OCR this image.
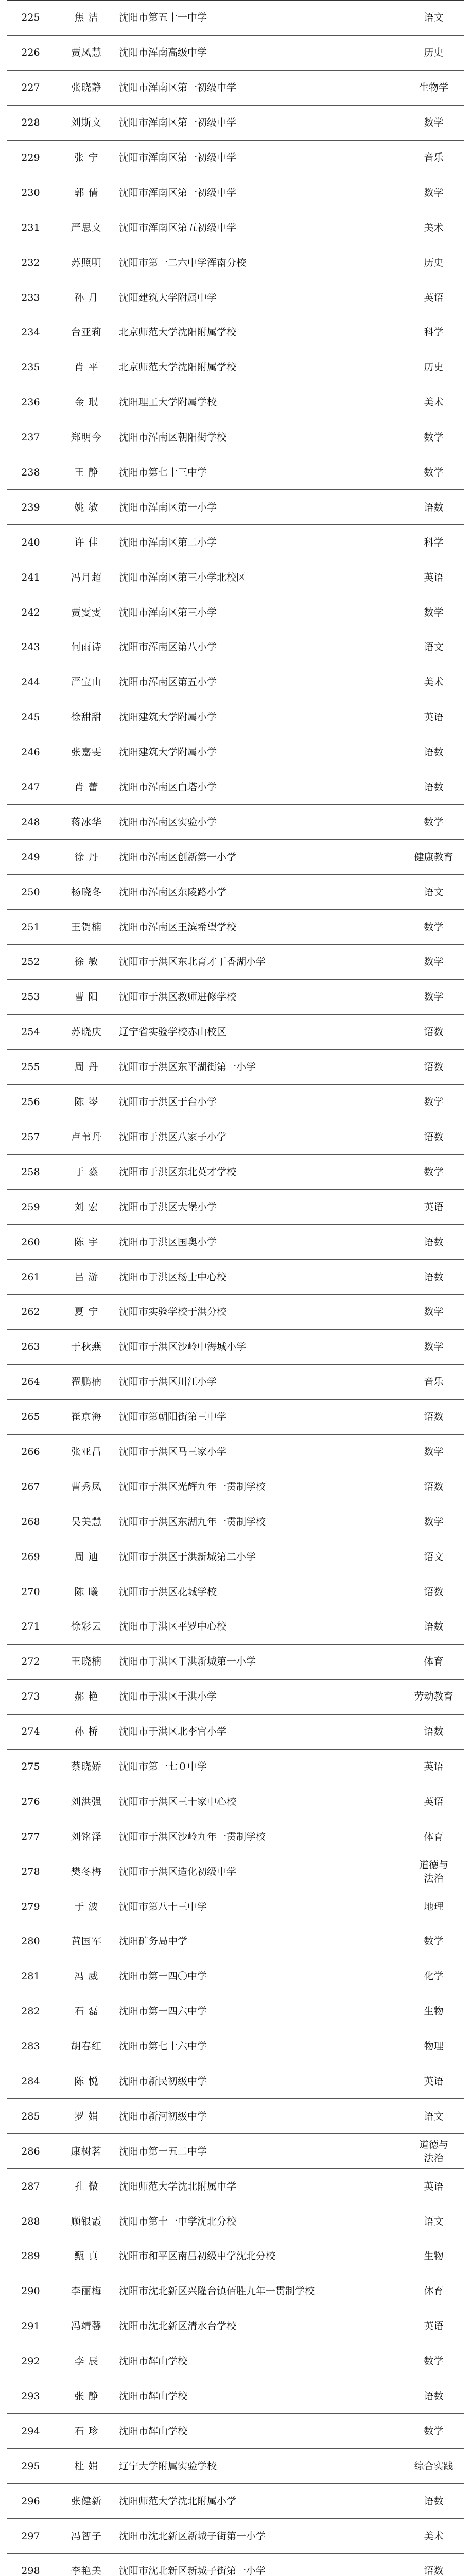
225	焦 洁	沈阳市第五十一中学	语文
226	贾凤慧	沈阳市浑南高级中学	历史
227	张晓静	沈阳市浑南区第一初级中学	生物学
228	刘斯文	沈阳市浑南区第一初级中学	数学
229	张 宁	沈阳市浑南区第一初级中学	音乐
230	郭 倩	沈阳市浑南区第一初级中学	数学
231	严思文	沈阳市浑南区第五初级中学	美术
232	苏照明	沈阳市第一二六中学浑南分校	历史
233	孙 月	沈阳建筑大学附属中学	英语
234	台亚莉	北京师范大学沈阳附属学校	科学
235	肖 平	北京师范大学沈阳附属学校	历史
236	金 珉	沈阳理工大学附属学校	美术
237	郑明今	沈阳市浑南区朝阳街学校	数学
238	王 静	沈阳市第七十三中学	数学
239	姚 敏	沈阳市浑南区第一小学	语数
240	许 佳	沈阳市浑南区第二小学	科学
241	冯月超	沈阳市浑南区第三小学北校区	英语
242	贾雯雯	沈阳市浑南区第三小学	数学
243	何雨诗	沈阳市浑南区第八小学	语文
244	严宝山	沈阳市浑南区第五小学	美术
245	徐甜甜	沈阳建筑大学附属小学	英语
246	张嘉雯	沈阳建筑大学附属小学	语数
247	肖 蕾	沈阳市浑南区白塔小学	语数
248	蒋冰华	沈阳市浑南区实验小学	数学
249	徐 丹	沈阳市浑南区创新第一小学	健康教育
250	杨晓冬	沈阳市浑南区东陵路小学	语文
251	王贺楠	沈阳市浑南区王滨希望学校	数学
252	徐 敏	沈阳市于洪区东北育才丁香湖小学	数学
253	曹 阳	沈阳市于洪区教师进修学校	数学
254	苏晓庆	辽宁省实验学校赤山校区	语数
255	周 丹	沈阳市于洪区东平湖街第一小学	语数
256	陈 岑	沈阳市于洪区于台小学	数学
257	卢苇丹	沈阳市于洪区八家子小学	语数
258	于 淼	沈阳市于洪区东北英才学校	数学
259	刘 宏	沈阳市于洪区大堡小学	英语
260	陈 宇	沈阳市于洪区国奥小学	语数
261	吕 游	沈阳市于洪区杨士中心校	语数
262	夏 宁	沈阳市实验学校于洪分校	数学
263	于秋燕	沈阳市于洪区沙岭中海城小学	数学
264	翟鹏楠	沈阳市于洪区川江小学	音乐
265	崔京海	沈阳市第朝阳街第三中学	语数
266	张亚吕	沈阳市于洪区马三家小学	数学
267	曹秀凤	沈阳市于洪区光辉九年一贯制学校	语数
268	吴美慧	沈阳市于洪区东湖九年一贯制学校	数学
269	周 迪	沈阳市于洪区于洪新城第二小学	语文
270	陈 曦	沈阳市于洪区花城学校	语数
271	徐彩云	沈阳市于洪区平罗中心校	语数
272	王晓楠	沈阳市于洪区于洪新城第一小学	体育
273	郝 艳	沈阳市于洪区于洪小学	劳动教育
274	孙 桥	沈阳市于洪区北李官小学	语数
275	蔡晓娇	沈阳市第一七０中学	英语
276	刘洪强	沈阳市于洪区三十家中心校	英语
277	刘铭泽	沈阳市于洪区沙岭九年一贯制学校	体育
278	樊冬梅	沈阳市于洪区造化初级中学	道德与
法治
279	于 波	沈阳市第八十三中学	地理
280	黄国军	沈阳矿务局中学	数学
281	冯 威	沈阳市第一四〇中学	化学
282	石 磊	沈阳市第一四六中学	生物
283	胡春红	沈阳市第七十六中学	物理
284	陈 悦	沈阳市新民初级中学	英语
285	罗 娟	沈阳市新河初级中学	语文
286	康树茗	沈阳市第一五二中学	道德与
法治
287	孔 微	沈阳师范大学沈北附属中学	英语
288	顾银霞	沈阳市第十一中学沈北分校	语文
289	甄 真	沈阳市和平区南昌初级中学沈北分校	生物
290	李丽梅	沈阳市沈北新区兴隆台镇佰胜九年一贯制学校	体育
291	冯靖馨	沈阳市沈北新区清水台学校	英语
292	李 辰	沈阳市辉山学校	数学
293	张 静	沈阳市辉山学校	语数
294	石 珍	沈阳市辉山学校	数学
295	杜 娟	辽宁大学附属实验学校	综合实践
296	张健新	沈阳师范大学沈北附属小学	语数
297	冯智子	沈阳市沈北新区新城子街第一小学	美术
298	李艳美	沈阳市沈北新区新城子街第一小学	语数
